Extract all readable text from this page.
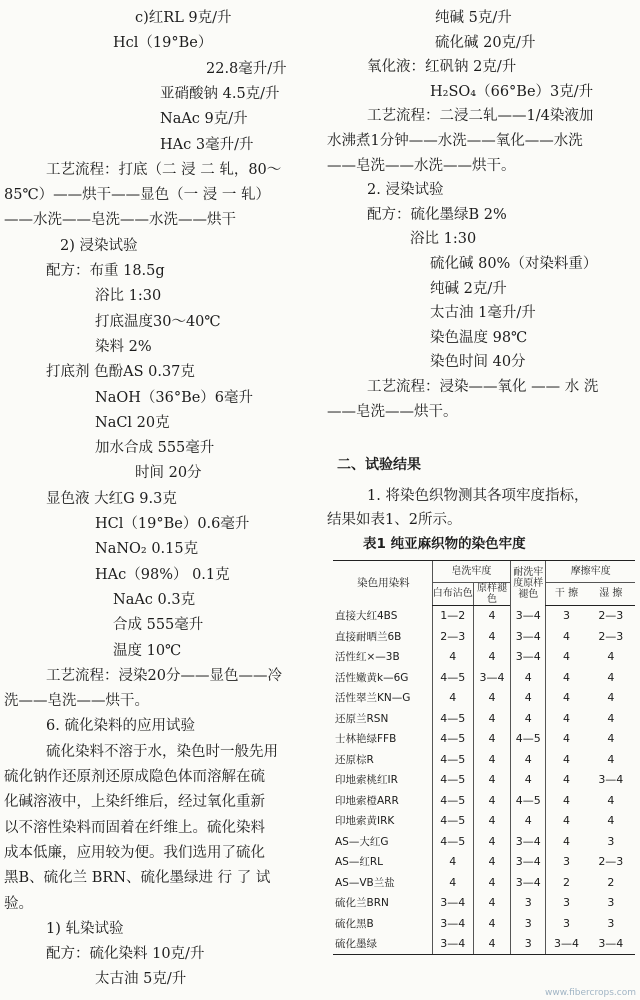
c)红RL 9克/升
Hcl（19°Be）
22.8毫升/升
亚硝酸钠 4.5克/升
NaAc 9克/升
HAc 3毫升/升
工艺流程：打底（二 浸 二 轧，80～
85℃）——烘干——显色（一 浸 一 轧）
——水洗——皂洗——水洗——烘干
2) 浸染试验
配方：布重 18.5g
浴比 1:30
打底温度30～40℃
染料 2%
打底剂 色酚AS 0.37克
NaOH（36°Be）6毫升
NaCl 20克
加水合成 555毫升
时间 20分
显色液 大红G 9.3克
HCl（19°Be）0.6毫升
NaNO₂ 0.15克
HAc（98%） 0.1克
NaAc 0.3克
合成 555毫升
温度 10℃
工艺流程：浸染20分——显色——冷
洗——皂洗——烘干。
6. 硫化染料的应用试验
硫化染料不溶于水，染色时一般先用
硫化钠作还原剂还原成隐色体而溶解在硫
化碱溶液中，上染纤维后，经过氧化重新
以不溶性染料而固着在纤维上。硫化染料
成本低廉，应用较为便。我们选用了硫化
黑B、硫化兰 BRN、硫化墨绿进 行 了 试
验。
1) 轧染试验
配方：硫化染料 10克/升
太古油 5克/升
二、试验结果
1. 将染色织物测其各项牢度指标，
结果如表1、2所示。
表1 纯亚麻织物的染色牢度
染色用染料	皂洗牢度		耐洗牢度原样褪色	摩擦牢度	
	白布沾色	原样褪色		干 擦	湿 擦
直接大红4BS	1—2	4	3—4	3	2—3
直接耐晒兰6B	2—3	4	3—4	4	2—3
活性红×—3B	4	4	3—4	4	4
活性嫩黄k—6G	4—5	3—4	4	4	4
活性翠兰KN—G	4	4	4	4	4
还原兰RSN	4—5	4	4	4	4
士林艳绿FFB	4—5	4	4—5	4	4
还原棕R	4—5	4	4	4	4
印地索桃红IR	4—5	4	4	4	3—4
印地索橙ARR	4—5	4	4—5	4	4
印地索黄IRK	4—5	4	4	4	4
AS—大红G	4—5	4	3—4	4	3
AS—红RL	4	4	3—4	3	2—3
AS—VB兰盐	4	4	3—4	2	2
硫化兰BRN	3—4	4	3	3	3
硫化黑B	3—4	4	3	3	3
硫化墨绿	3—4	4	3	3—4	3—4
纯碱 5克/升
硫化碱 20克/升
氧化液：红矾钠 2克/升
H₂SO₄（66°Be）3克/升
工艺流程：二浸二轧——1/4染液加
水沸煮1分钟——水洗——氧化——水洗
——皂洗——水洗——烘干。
2. 浸染试验
配方：硫化墨绿B 2%
浴比 1:30
硫化碱 80%（对染料重）
纯碱 2克/升
太古油 1毫升/升
染色温度 98℃
染色时间 40分
工艺流程：浸染——氧化 —— 水 洗
——皂洗——烘干。
www.fibercrops.com
